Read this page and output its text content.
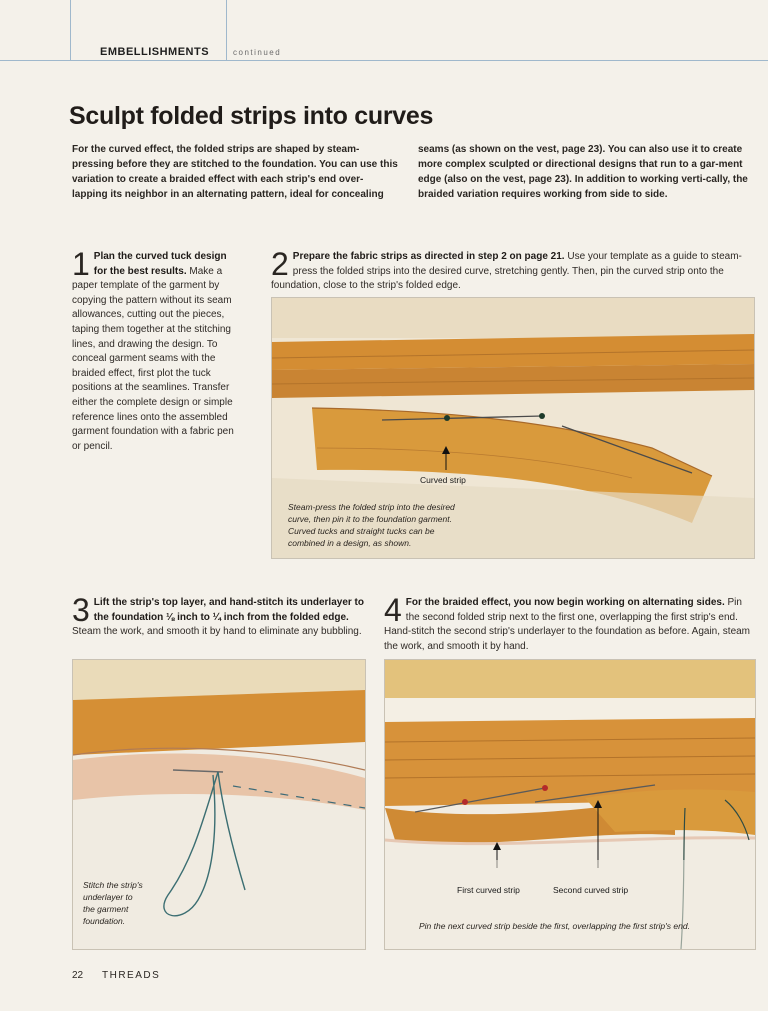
EMBELLISHMENTS	continued
Sculpt folded strips into curves
For the curved effect, the folded strips are shaped by steam-pressing before they are stitched to the foundation. You can use this variation to create a braided effect with each strip's end over-lapping its neighbor in an alternating pattern, ideal for concealing
seams (as shown on the vest, page 23). You can also use it to create more complex sculpted or directional designs that run to a gar-ment edge (also on the vest, page 23). In addition to working verti-cally, the braided variation requires working from side to side.
1 Plan the curved tuck design for the best results. Make a paper template of the garment by copying the pattern without its seam allowances, cutting out the pieces, taping them together at the stitching lines, and drawing the design. To conceal garment seams with the braided effect, first plot the tuck positions at the seamlines. Transfer either the complete design or simple reference lines onto the assembled garment foundation with a fabric pen or pencil.
2 Prepare the fabric strips as directed in step 2 on page 21. Use your template as a guide to steam-press the folded strips into the desired curve, stretching gently. Then, pin the curved strip onto the foundation, close to the strip's folded edge.
Curved strip
Steam-press the folded strip into the desired
curve, then pin it to the foundation garment.
Curved tucks and straight tucks can be
combined in a design, as shown.
3 Lift the strip's top layer, and hand-stitch its underlayer to the foundation ⅛ inch to ¼ inch from the folded edge. Steam the work, and smooth it by hand to eliminate any bubbling.
4 For the braided effect, you now begin working on alternating sides. Pin the second folded strip next to the first one, overlapping the first strip's end. Hand-stitch the second strip's underlayer to the foundation as before. Again, steam the work, and smooth it by hand.
Stitch the strip's
underlayer to
the garment
foundation.
First curved strip	Second curved strip
Pin the next curved strip beside the first, overlapping the first strip's end.
22 THREADS
